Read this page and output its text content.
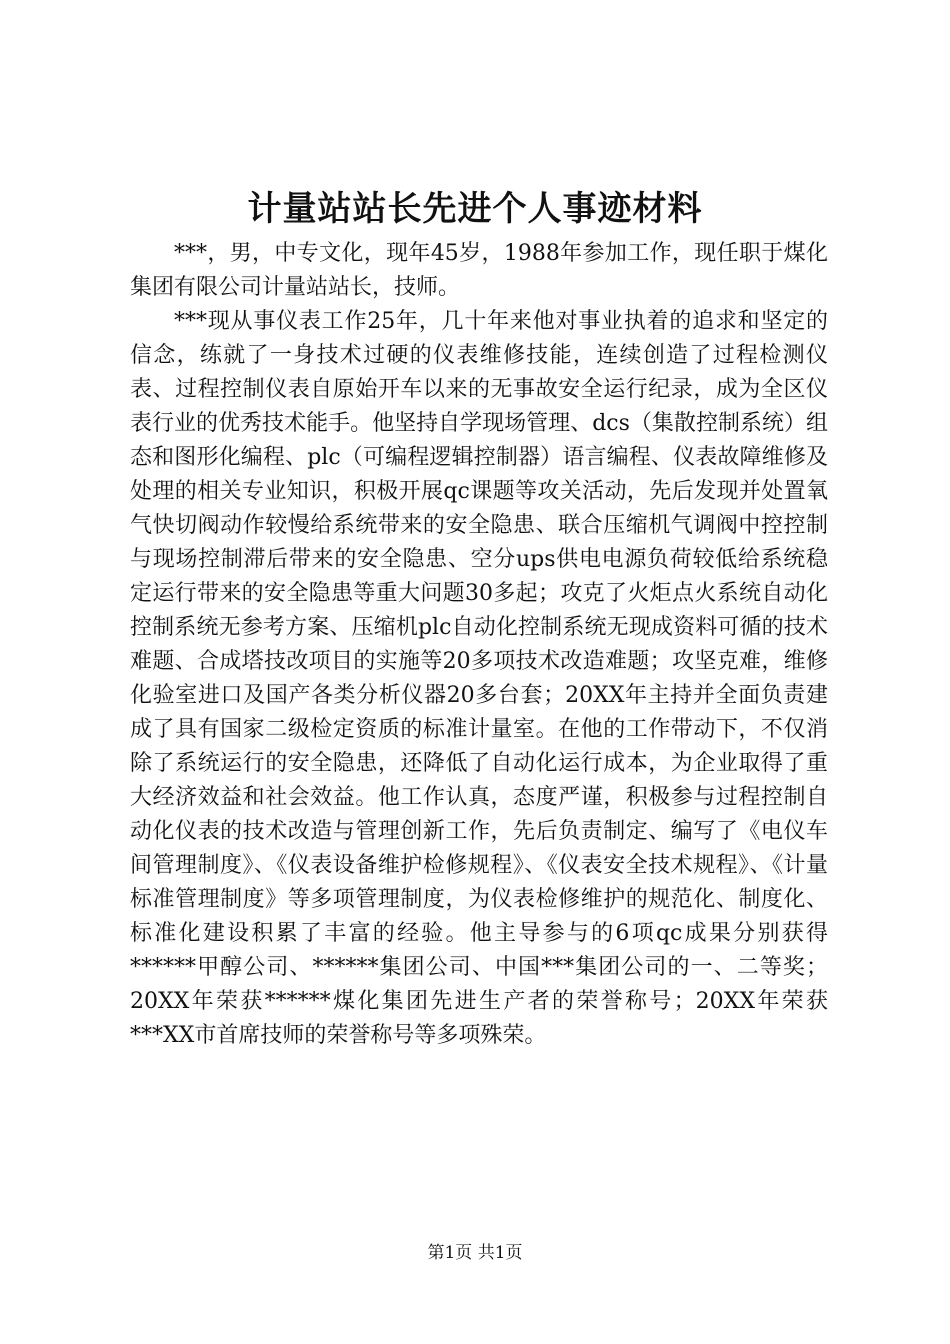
计量站站长先进个人事迹材料

***，男，中专文化，现年45岁，1988年参加工作，现任职于煤化集团有限公司计量站站长，技师。

***现从事仪表工作25年，几十年来他对事业执着的追求和坚定的信念，练就了一身技术过硬的仪表维修技能，连续创造了过程检测仪表、过程控制仪表自原始开车以来的无事故安全运行纪录，成为全区仪表行业的优秀技术能手。他坚持自学现场管理、dcs（集散控制系统）组态和图形化编程、plc（可编程逻辑控制器）语言编程、仪表故障维修及处理的相关专业知识，积极开展qc课题等攻关活动，先后发现并处置氧气快切阀动作较慢给系统带来的安全隐患、联合压缩机气调阀中控控制与现场控制滞后带来的安全隐患、空分ups供电电源负荷较低给系统稳定运行带来的安全隐患等重大问题30多起；攻克了火炬点火系统自动化控制系统无参考方案、压缩机plc自动化控制系统无现成资料可循的技术难题、合成塔技改项目的实施等20多项技术改造难题；攻坚克难，维修化验室进口及国产各类分析仪器20多台套；20XX年主持并全面负责建成了具有国家二级检定资质的标准计量室。在他的工作带动下，不仅消除了系统运行的安全隐患，还降低了自动化运行成本，为企业取得了重大经济效益和社会效益。他工作认真，态度严谨，积极参与过程控制自动化仪表的技术改造与管理创新工作，先后负责制定、编写了《电仪车间管理制度》、《仪表设备维护检修规程》、《仪表安全技术规程》、《计量标准管理制度》等多项管理制度，为仪表检修维护的规范化、制度化、标准化建设积累了丰富的经验。他主导参与的6项qc成果分别获得******甲醇公司、******集团公司、中国***集团公司的一、二等奖；20XX年荣获******煤化集团先进生产者的荣誉称号；20XX年荣获***XX市首席技师的荣誉称号等多项殊荣。

第1页 共1页
